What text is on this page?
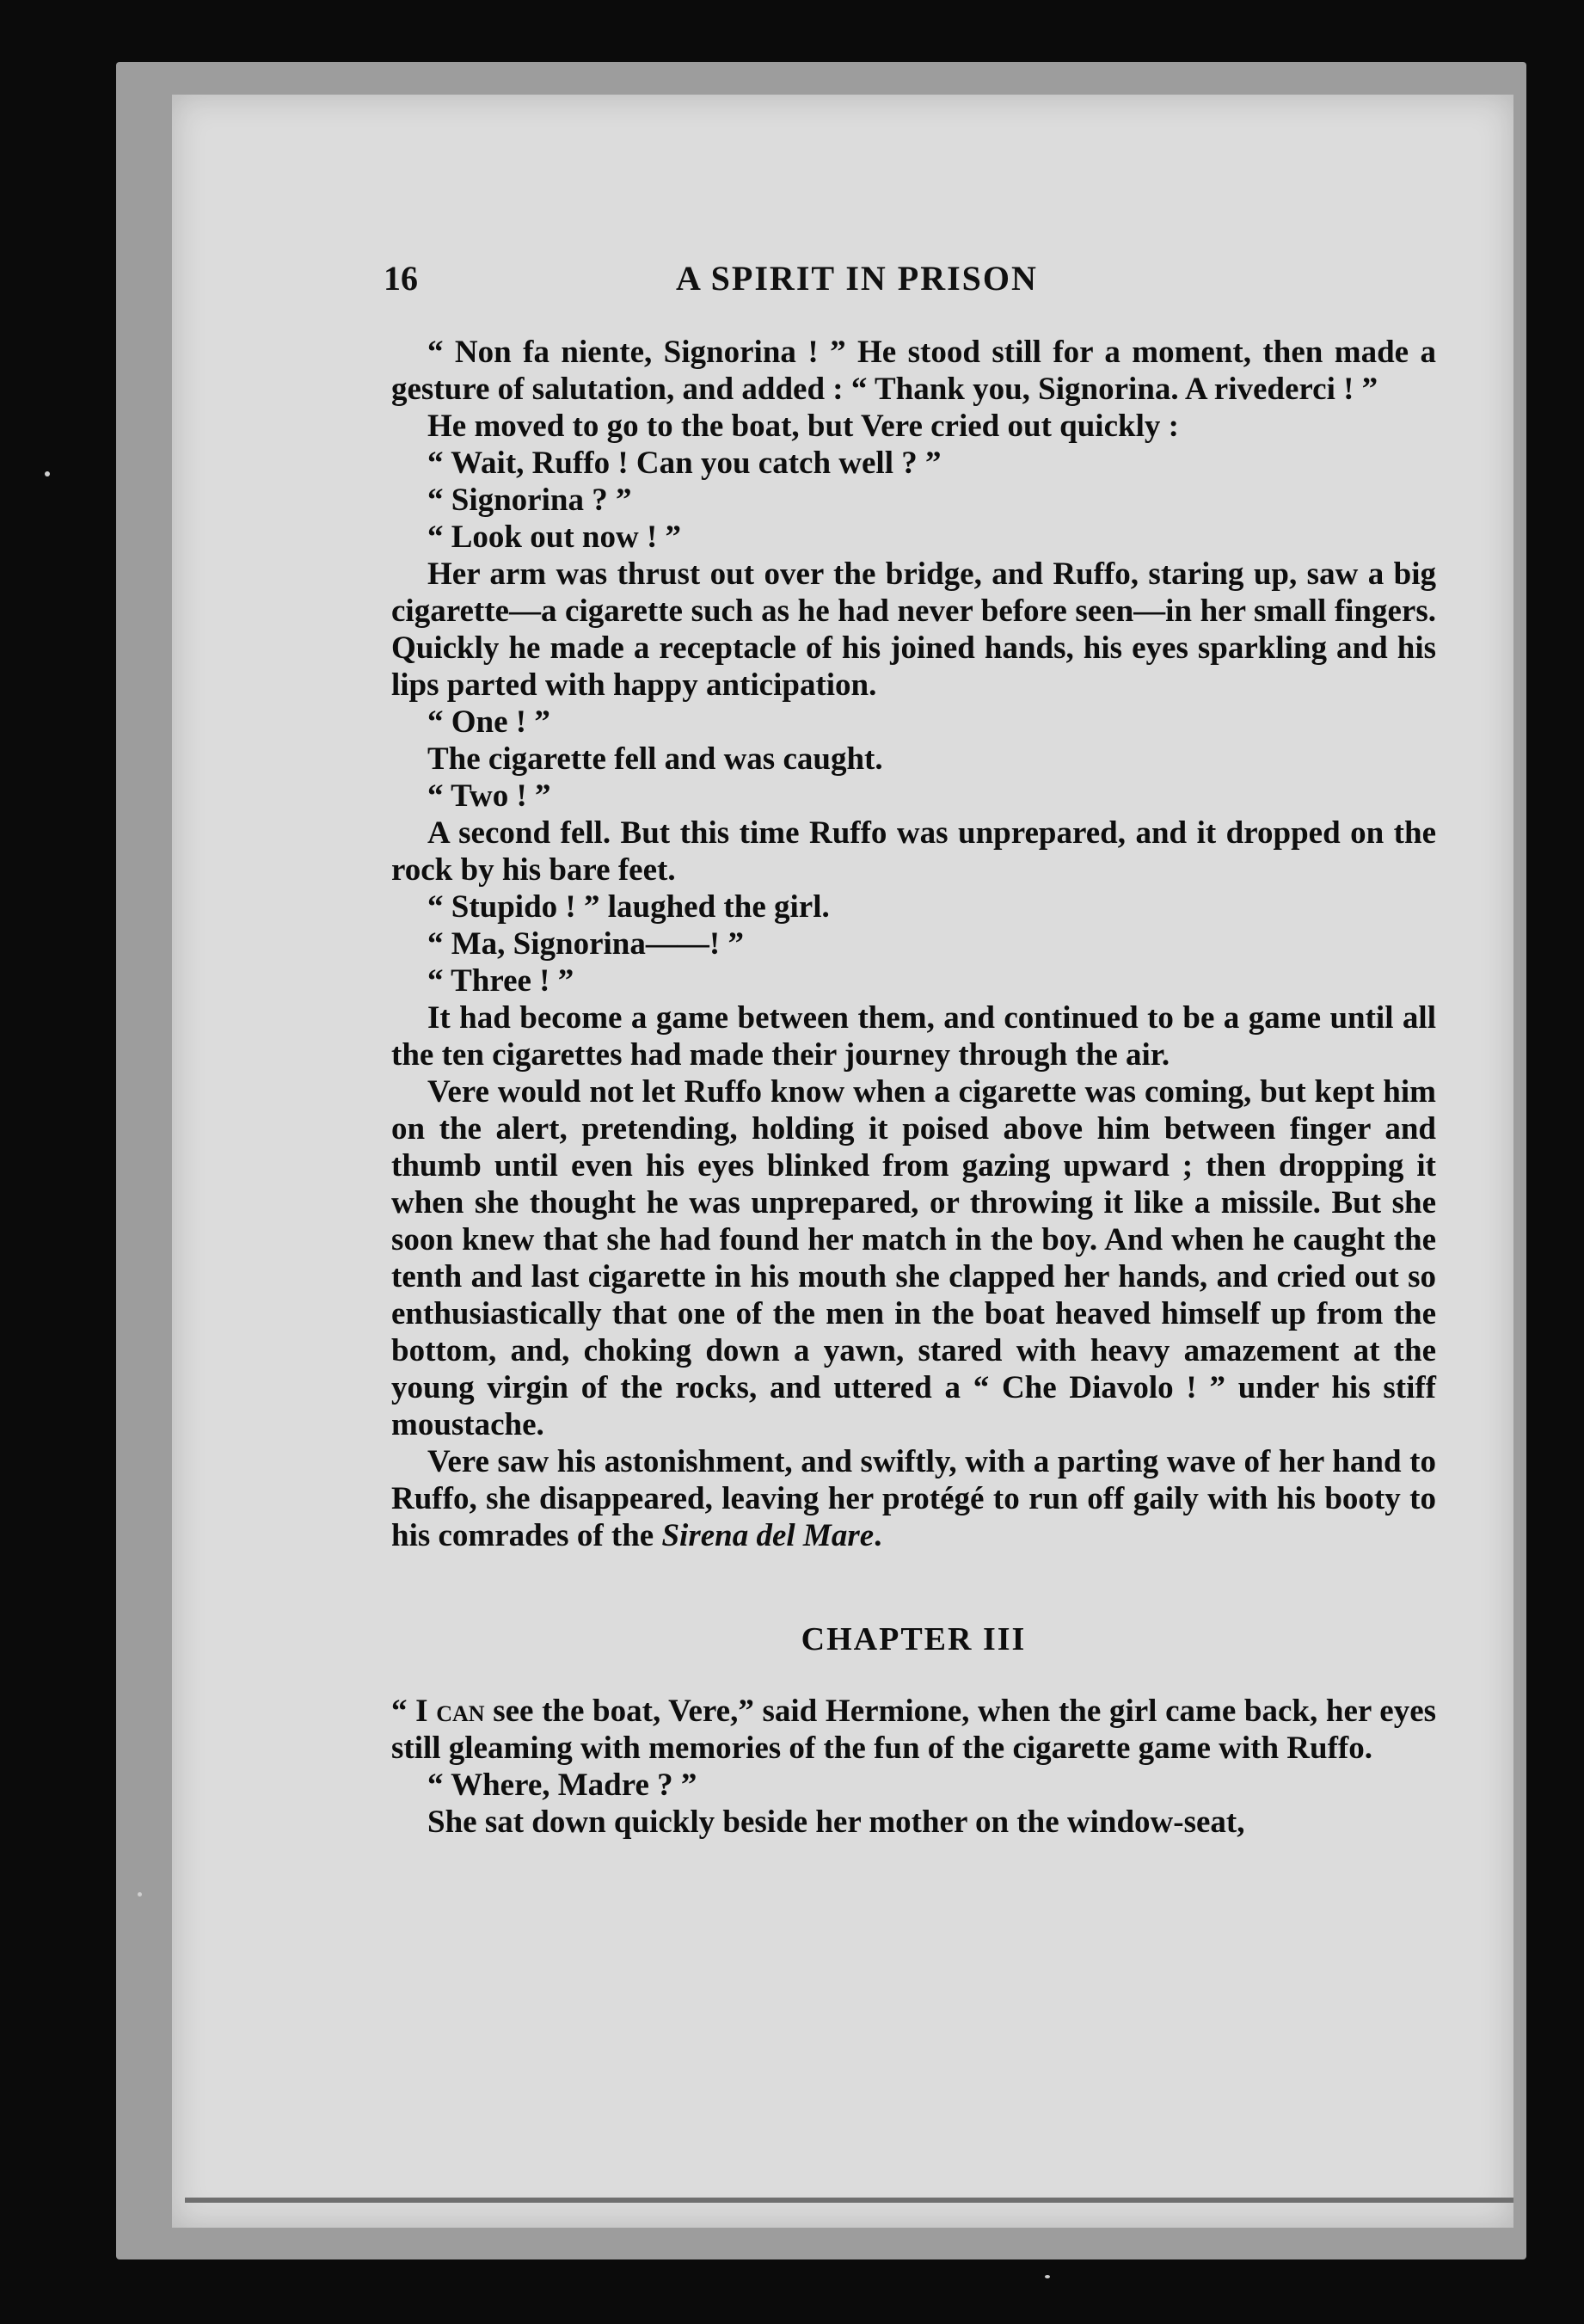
16	A SPIRIT IN PRISON

“ Non fa niente, Signorina ! ” He stood still for a moment, then made a gesture of salutation, and added : “ Thank you, Signorina. A rivederci ! ”

He moved to go to the boat, but Vere cried out quickly :

“ Wait, Ruffo ! Can you catch well ? ”

“ Signorina ? ”

“ Look out now ! ”

Her arm was thrust out over the bridge, and Ruffo, staring up, saw a big cigarette—a cigarette such as he had never before seen—in her small fingers. Quickly he made a receptacle of his joined hands, his eyes sparkling and his lips parted with happy anticipation.

“ One ! ”

The cigarette fell and was caught.

“ Two ! ”

A second fell. But this time Ruffo was unprepared, and it dropped on the rock by his bare feet.

“ Stupido ! ” laughed the girl.

“ Ma, Signorina——! ”

“ Three ! ”

It had become a game between them, and continued to be a game until all the ten cigarettes had made their journey through the air.

Vere would not let Ruffo know when a cigarette was coming, but kept him on the alert, pretending, holding it poised above him between finger and thumb until even his eyes blinked from gazing upward ; then dropping it when she thought he was unprepared, or throwing it like a missile. But she soon knew that she had found her match in the boy. And when he caught the tenth and last cigarette in his mouth she clapped her hands, and cried out so enthusiastically that one of the men in the boat heaved himself up from the bottom, and, choking down a yawn, stared with heavy amazement at the young virgin of the rocks, and uttered a “ Che Diavolo ! ” under his stiff moustache.

Vere saw his astonishment, and swiftly, with a parting wave of her hand to Ruffo, she disappeared, leaving her protégé to run off gaily with his booty to his comrades of the Sirena del Mare.

CHAPTER III

“ I can see the boat, Vere,” said Hermione, when the girl came back, her eyes still gleaming with memories of the fun of the cigarette game with Ruffo.

“ Where, Madre ? ”

She sat down quickly beside her mother on the window-seat,
